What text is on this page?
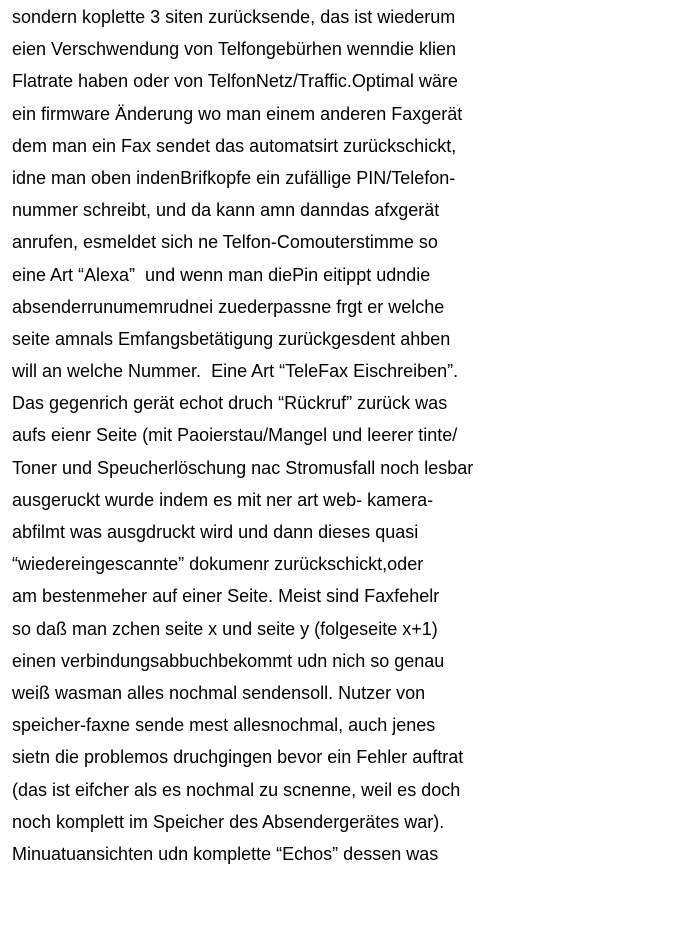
sondern koplette 3 siten zurücksende, das ist wiederum
eien Verschwendung von Telfongebürhen wenndie klien
Flatrate haben oder von TelfonNetz/Traffic.Optimal wäre
ein firmware Änderung wo man einem anderen Faxgerät
dem man ein Fax sendet das automatsirt zurückschickt,
idne man oben indenBrifkopfe ein zufällige PIN/Telefon-
nummer schreibt, und da kann amn danndas afxgerät
anrufen, esmeldet sich ne Telfon-Comouterstimme so
eine Art “Alexa”  und wenn man diePin eitippt udndie
absenderrunumemrudnei zuederpassne frgt er welche
seite amnals Emfangsbetätigung zurückgesdent ahben
will an welche Nummer.  Eine Art “TeleFax Eischreiben”.
Das gegenrich gerät echot druch “Rückruf” zurück was
aufs eienr Seite (mit Paoierstau/Mangel und leerer tinte/
Toner und Speucherlöschung nac Stromusfall noch lesbar
ausgeruckt wurde indem es mit ner art web- kamera-
abfilmt was ausgdruckt wird und dann dieses quasi
“wiedereingescannte” dokumenr zurückschickt,oder
am bestenmeher auf einer Seite. Meist sind Faxfehelr
so daß man zchen seite x und seite y (folgeseite x+1)
einen verbindungsabbuchbekommt udn nich so genau
weiß wasman alles nochmal sendensoll. Nutzer von
speicher-faxne sende mest allesnochmal, auch jenes
sietn die problemos druchgingen bevor ein Fehler auftrat
(das ist eifcher als es nochmal zu scnenne, weil es doch
noch komplett im Speicher des Absendergerätes war).
Minuatuansichten udn komplette “Echos” dessen was
